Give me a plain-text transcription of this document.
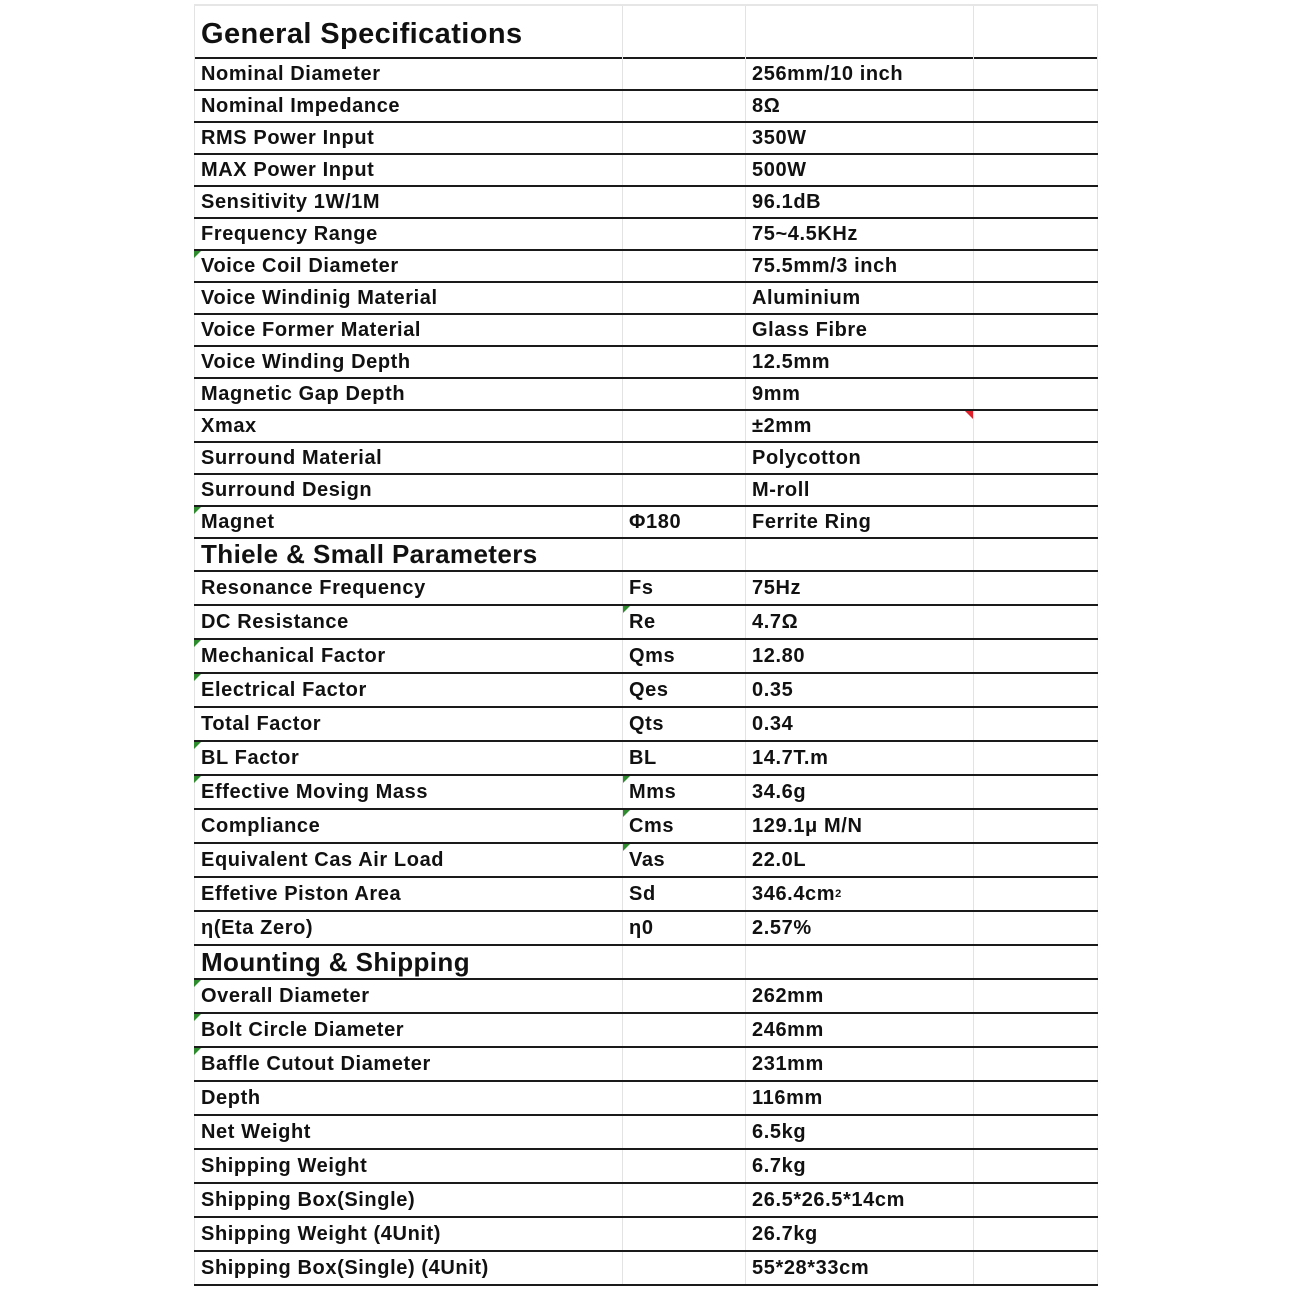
General Specifications
Nominal Diameter	256mm/10 inch
Nominal Impedance	8Ω
RMS Power Input	350W
MAX Power Input	500W
Sensitivity 1W/1M	96.1dB
Frequency Range	75~4.5KHz
Voice Coil Diameter	75.5mm/3 inch
Voice Windinig Material	Aluminium
Voice Former Material	Glass Fibre
Voice Winding Depth	12.5mm
Magnetic Gap Depth	9mm
Xmax	±2mm
Surround Material	Polycotton
Surround Design	M-roll
Magnet	Φ180	Ferrite Ring
Thiele & Small Parameters
Resonance Frequency	Fs	75Hz
DC Resistance	Re	4.7Ω
Mechanical Factor	Qms	12.80
Electrical Factor	Qes	0.35
Total Factor	Qts	0.34
BL Factor	BL	14.7T.m
Effective Moving Mass	Mms	34.6g
Compliance	Cms	129.1μ M/N
Equivalent Cas Air Load	Vas	22.0L
Effetive Piston Area	Sd	346.4cm 2
η(Eta Zero)	η0	2.57%
Mounting & Shipping
Overall Diameter	262mm
Bolt Circle Diameter	246mm
Baffle Cutout Diameter	231mm
Depth	116mm
Net Weight	6.5kg
Shipping Weight	6.7kg
Shipping Box(Single)	26.5*26.5*14cm
Shipping Weight (4Unit)	26.7kg
Shipping Box(Single) (4Unit)	55*28*33cm
